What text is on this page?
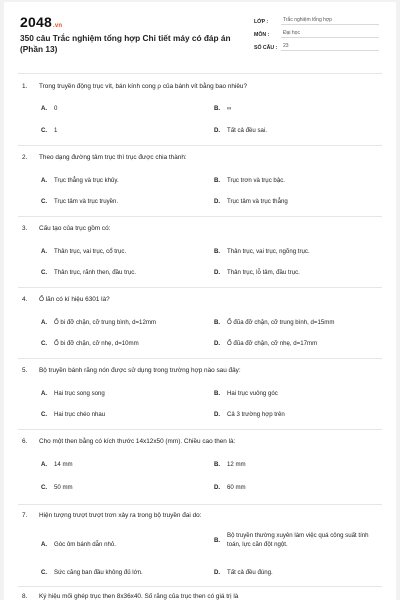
2048.vn
350 câu Trắc nghiệm tổng hợp Chi tiết máy có đáp án (Phần 13)
LỚP :	Trắc nghiệm tổng hợp
MÔN :	Đại học
SỐ CÂU :	23
1. Trong truyền động trục vít, bán kính cong ρ của bánh vít bằng bao nhiêu?
A. 0	B. ∞
C. 1	D. Tất cả đều sai.
2. Theo dạng đường tâm trục thì trục được chia thành:
A. Trục thẳng và trục khủy.	B. Trục trơn và trục bậc.
C. Trục tâm và trục truyền.	D. Trục tâm và trục thẳng
3. Cấu tạo của trục gồm có:
A. Thân trục, vai trục, cổ trục.	B. Thân trục, vai trục, ngõng trục.
C. Thân trục, rãnh then, đầu trục.	D. Thân trục, lỗ tâm, đầu trục.
4. Ổ lăn có kí hiệu 6301 là?
A. Ổ bi đỡ chặn, cỡ trung bình, d=12mm	B. Ổ đũa đỡ chặn, cỡ trung bình, d=15mm
C. Ổ bi đỡ chặn, cỡ nhẹ, d=10mm	D. Ổ đũa đỡ chặn, cỡ nhẹ, d=17mm
5. Bộ truyền bánh răng nón được sử dụng trong trường hợp nào sau đây:
A. Hai trục song song	B. Hai trục vuông góc
C. Hai trục chéo nhau	D. Cả 3 trường hợp trên
6. Cho một then bằng có kích thước 14x12x50 (mm). Chiều cao then là:
A. 14 mm	B. 12 mm
C. 50 mm	D. 60 mm
7. Hiện tượng trượt trượt trơn xảy ra trong bộ truyền đai do:
A. Góc ôm bánh dẫn nhỏ.
B.
Bộ truyền thường xuyên làm việc quá công suất tính toán, lực căn đột ngột.
C. Sức căng ban đầu không đủ lớn.	D. Tất cả đều đúng.
8. Ký hiệu mối ghép trục then 8x36x40. Số răng của trục then có giá trị là
